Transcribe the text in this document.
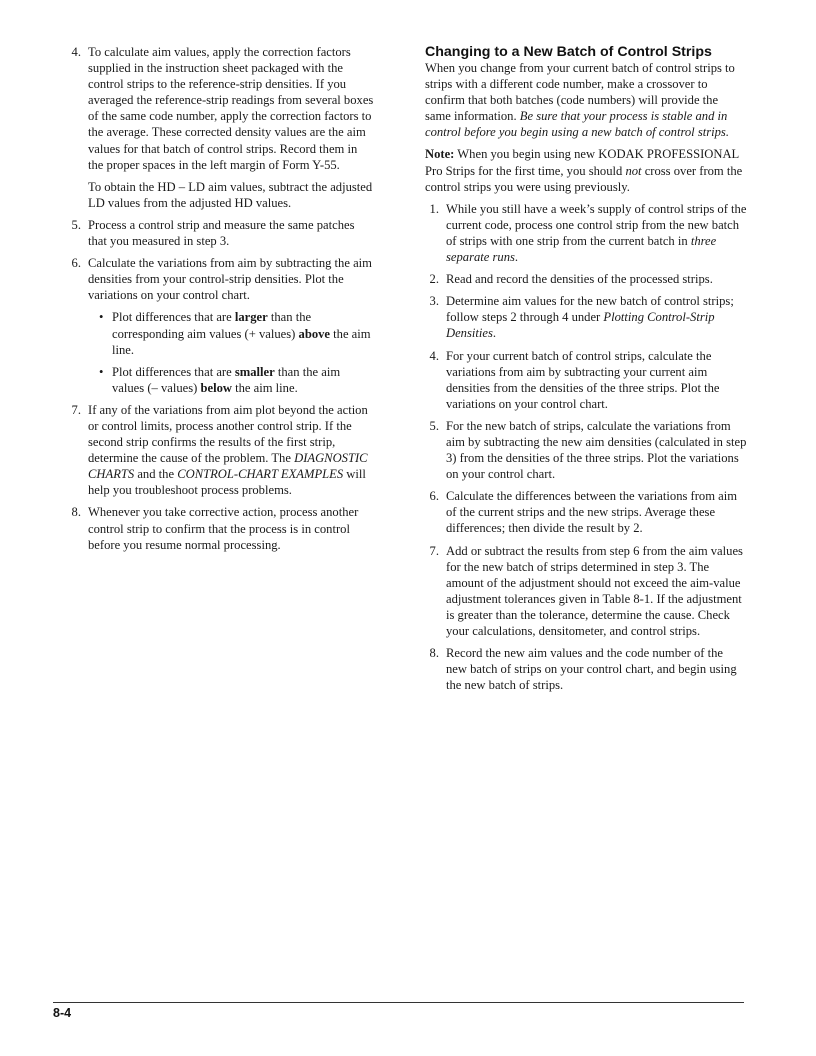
4. To calculate aim values, apply the correction factors supplied in the instruction sheet packaged with the control strips to the reference-strip densities. If you averaged the reference-strip readings from several boxes of the same code number, apply the correction factors to the average. These corrected density values are the aim values for that batch of control strips. Record them in the proper spaces in the left margin of Form Y-55.
To obtain the HD – LD aim values, subtract the adjusted LD values from the adjusted HD values.
5. Process a control strip and measure the same patches that you measured in step 3.
6. Calculate the variations from aim by subtracting the aim densities from your control-strip densities. Plot the variations on your control chart.
• Plot differences that are larger than the corresponding aim values (+ values) above the aim line.
• Plot differences that are smaller than the aim values (– values) below the aim line.
7. If any of the variations from aim plot beyond the action or control limits, process another control strip. If the second strip confirms the results of the first strip, determine the cause of the problem. The DIAGNOSTIC CHARTS and the CONTROL-CHART EXAMPLES will help you troubleshoot process problems.
8. Whenever you take corrective action, process another control strip to confirm that the process is in control before you resume normal processing.
Changing to a New Batch of Control Strips

When you change from your current batch of control strips to strips with a different code number, make a crossover to confirm that both batches (code numbers) will provide the same information. Be sure that your process is stable and in control before you begin using a new batch of control strips.

Note: When you begin using new KODAK PROFESSIONAL Pro Strips for the first time, you should not cross over from the control strips you were using previously.

1. While you still have a week’s supply of control strips of the current code, process one control strip from the new batch of strips with one strip from the current batch in three separate runs.
2. Read and record the densities of the processed strips.
3. Determine aim values for the new batch of control strips; follow steps 2 through 4 under Plotting Control-Strip Densities.
4. For your current batch of control strips, calculate the variations from aim by subtracting your current aim densities from the densities of the three strips. Plot the variations on your control chart.
5. For the new batch of strips, calculate the variations from aim by subtracting the new aim densities (calculated in step 3) from the densities of the three strips. Plot the variations on your control chart.
6. Calculate the differences between the variations from aim of the current strips and the new strips. Average these differences; then divide the result by 2.
7. Add or subtract the results from step 6 from the aim values for the new batch of strips determined in step 3. The amount of the adjustment should not exceed the aim-value adjustment tolerances given in Table 8-1. If the adjustment is greater than the tolerance, determine the cause. Check your calculations, densitometer, and control strips.
8. Record the new aim values and the code number of the new batch of strips on your control chart, and begin using the new batch of strips.
8-4
